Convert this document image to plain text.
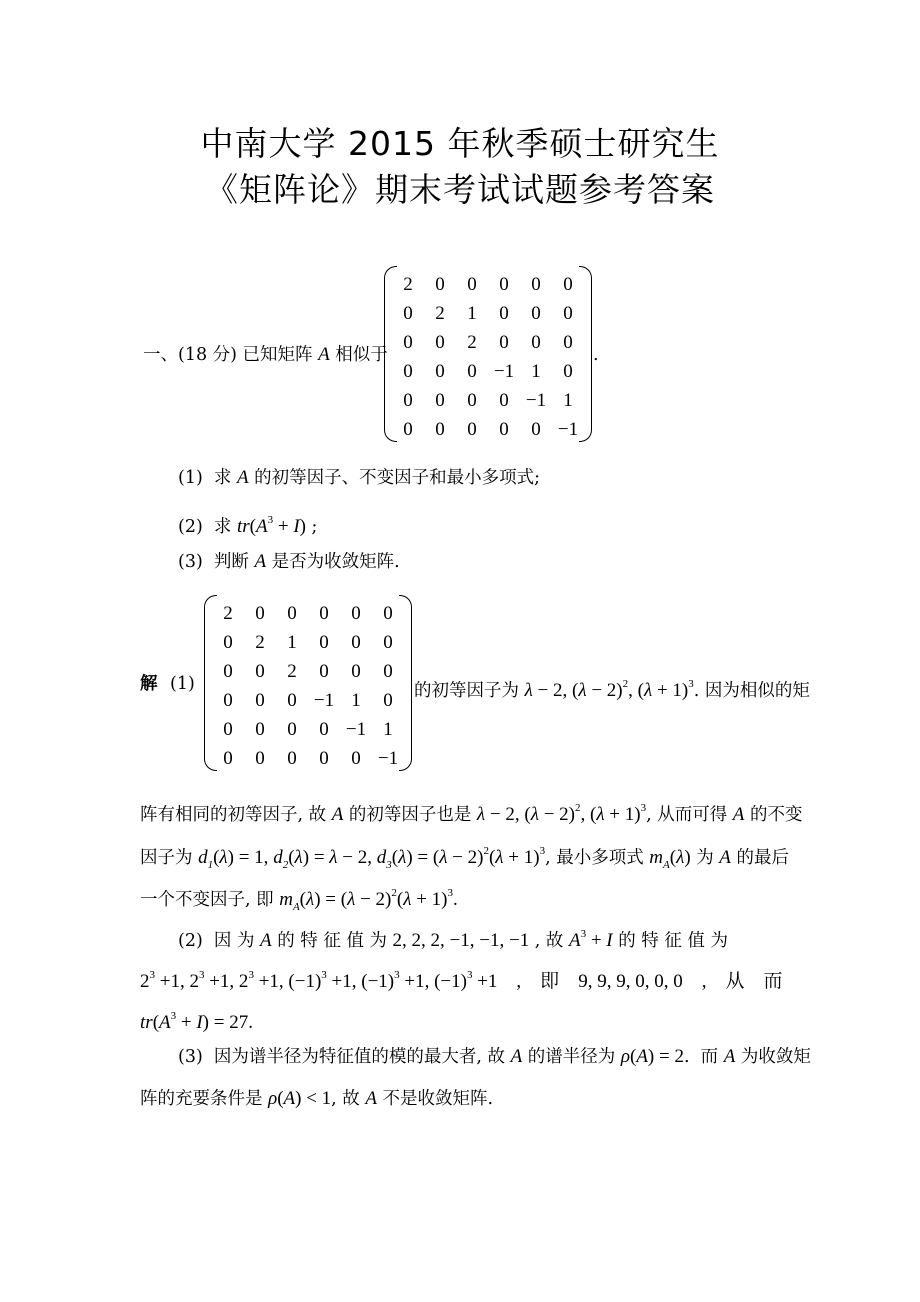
中南大学 2015 年秋季硕士研究生
《矩阵论》期末考试试题参考答案
一、(18 分) 已知矩阵 A 相似于
2	0	0	0	0	0
0	2	1	0	0	0
0	0	2	0	0	0
0	0	0	−1	1	0
0	0	0	0	−1	1
0	0	0	0	0	−1
.
(1)  求 A 的初等因子、不变因子和最小多项式;
(2)  求 $tr(A^3 + I)$ ;
(3)  判断 A 是否为收敛矩阵.
解 (1)
2	0	0	0	0	0
0	2	1	0	0	0
0	0	2	0	0	0
0	0	0	−1	1	0
0	0	0	0	−1	1
0	0	0	0	0	−1
的初等因子为 λ − 2, $(\lambda - 2)^2$, $(\lambda + 1)^3$. 因为相似的矩
阵有相同的初等因子, 故 A 的初等因子也是 λ − 2, $(\lambda - 2)^2$, $(\lambda + 1)^3$, 从而可得 A 的不变
因子为 $d_1(\lambda) = 1$, $d_2(\lambda) = \lambda - 2$, $d_3(\lambda) = (\lambda - 2)^2(\lambda + 1)^3$, 最小多项式 $m_A(\lambda)$ 为 A 的最后
一个不变因子, 即 $m_A(\lambda) = (\lambda - 2)^2(\lambda + 1)^3$.
(2)  因 为 A 的 特 征 值 为 2, 2, 2, −1, −1, −1 , 故 $A^3 + I$ 的 特 征 值 为
$2^3 +1$, $2^3 +1$, $2^3 +1$, $(-1)^3 +1$, $(-1)^3 +1$, $(-1)^3 +1$    ,    即    9, 9, 9, 0, 0, 0    ,    从    而
$tr(A^3 + I) = 27$.
(3)  因为谱半径为特征值的模的最大者, 故 A 的谱半径为 ρ(A) = 2.  而 A 为收敛矩
阵的充要条件是 ρ(A) < 1, 故 A 不是收敛矩阵.
